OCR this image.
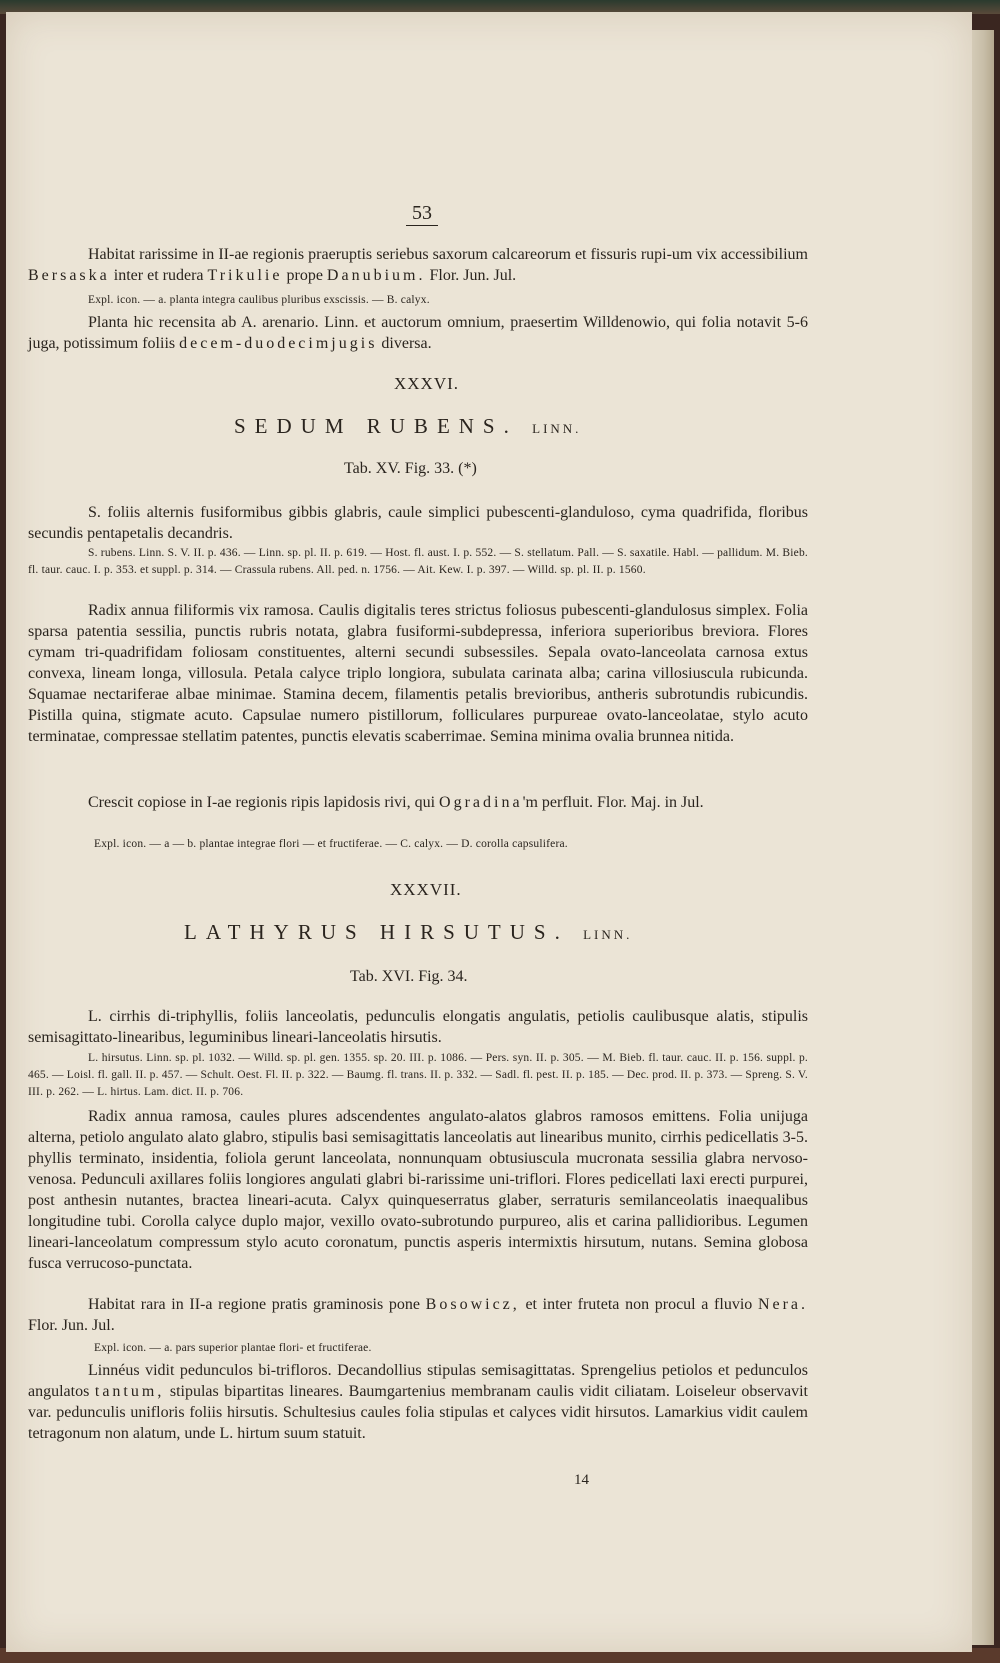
53

Habitat rarissime in II-ae regionis praeruptis seriebus saxorum calcareorum et fissuris rupi-um vix accessibilium Bersaska inter et rudera Trikulie prope Danubium. Flor. Jun. Jul.

Expl. icon. — a. planta integra caulibus pluribus exscissis. — B. calyx.

Planta hic recensita ab A. arenario. Linn. et auctorum omnium, praesertim Willdenowio, qui folia notavit 5-6 juga, potissimum foliis decem-duodecimjugis diversa.

XXXVI.
SEDUM RUBENS. LINN.
Tab. XV. Fig. 33. (*)

S. foliis alternis fusiformibus gibbis glabris, caule simplici pubescenti-glanduloso, cyma quadrifida, floribus secundis pentapetalis decandris.

S. rubens. Linn. S. V. II. p. 436. — Linn. sp. pl. II. p. 619. — Host. fl. aust. I. p. 552. — S. stellatum. Pall. — S. saxatile. Habl. — pallidum. M. Bieb. fl. taur. cauc. I. p. 353. et suppl. p. 314. — Crassula rubens. All. ped. n. 1756. — Ait. Kew. I. p. 397. — Willd. sp. pl. II. p. 1560.

Radix annua filiformis vix ramosa. Caulis digitalis teres strictus foliosus pubescenti-glandulosus simplex. Folia sparsa patentia sessilia, punctis rubris notata, glabra fusiformi-subdepressa, inferiora superioribus breviora. Flores cymam tri-quadrifidam foliosam constituentes, alterni secundi subsessiles. Sepala ovato-lanceolata carnosa extus convexa, lineam longa, villosula. Petala calyce triplo longiora, subulata carinata alba; carina villosiuscula rubicunda. Squamae nectariferae albae minimae. Stamina decem, filamentis petalis brevioribus, antheris subrotundis rubicundis. Pistilla quina, stigmate acuto. Capsulae numero pistillorum, folliculares purpureae ovato-lanceolatae, stylo acuto terminatae, compressae stellatim patentes, punctis elevatis scaberrimae. Semina minima ovalia brunnea nitida.

Crescit copiose in I-ae regionis ripis lapidosis rivi, qui Ogradina'm perfluit. Flor. Maj. in Jul.

Expl. icon. — a — b. plantae integrae flori — et fructiferae. — C. calyx. — D. corolla capsulifera.
XXXVII.
LATHYRUS HIRSUTUS. LINN.
Tab. XVI. Fig. 34.

L. cirrhis di-triphyllis, foliis lanceolatis, pedunculis elongatis angulatis, petiolis caulibusque alatis, stipulis semisagittato-linearibus, leguminibus lineari-lanceolatis hirsutis.

L. hirsutus. Linn. sp. pl. 1032. — Willd. sp. pl. gen. 1355. sp. 20. III. p. 1086. — Pers. syn. II. p. 305. — M. Bieb. fl. taur. cauc. II. p. 156. suppl. p. 465. — Loisl. fl. gall. II. p. 457. — Schult. Oest. Fl. II. p. 322. — Baumg. fl. trans. II. p. 332. — Sadl. fl. pest. II. p. 185. — Dec. prod. II. p. 373. — Spreng. S. V. III. p. 262. — L. hirtus. Lam. dict. II. p. 706.

Radix annua ramosa, caules plures adscendentes angulato-alatos glabros ramosos emittens. Folia unijuga alterna, petiolo angulato alato glabro, stipulis basi semisagittatis lanceolatis aut linearibus munito, cirrhis pedicellatis 3-5. phyllis terminato, insidentia, foliola gerunt lanceolata, nonnunquam obtusiuscula mucronata sessilia glabra nervoso-venosa. Pedunculi axillares foliis longiores angulati glabri bi-rarissime uni-triflori. Flores pedicellati laxi erecti purpurei, post anthesin nutantes, bractea lineari-acuta. Calyx quinqueserratus glaber, serraturis semilanceolatis inaequalibus longitudine tubi. Corolla calyce duplo major, vexillo ovato-subrotundo purpureo, alis et carina pallidioribus. Legumen lineari-lanceolatum compressum stylo acuto coronatum, punctis asperis intermixtis hirsutum, nutans. Semina globosa fusca verrucoso-punctata.

Habitat rara in II-a regione pratis graminosis pone Bosowicz, et inter fruteta non procul a fluvio Nera. Flor. Jun. Jul.

Expl. icon. — a. pars superior plantae flori- et fructiferae.

Linnéus vidit pedunculos bi-trifloros. Decandollius stipulas semisagittatas. Sprengelius petiolos et pedunculos angulatos tantum, stipulas bipartitas lineares. Baumgartenius membranam caulis vidit ciliatam. Loiseleur observavit var. pedunculis unifloris foliis hirsutis. Schultesius caules folia stipulas et calyces vidit hirsutos. Lamarkius vidit caulem tetragonum non alatum, unde L. hirtum suum statuit.

14
